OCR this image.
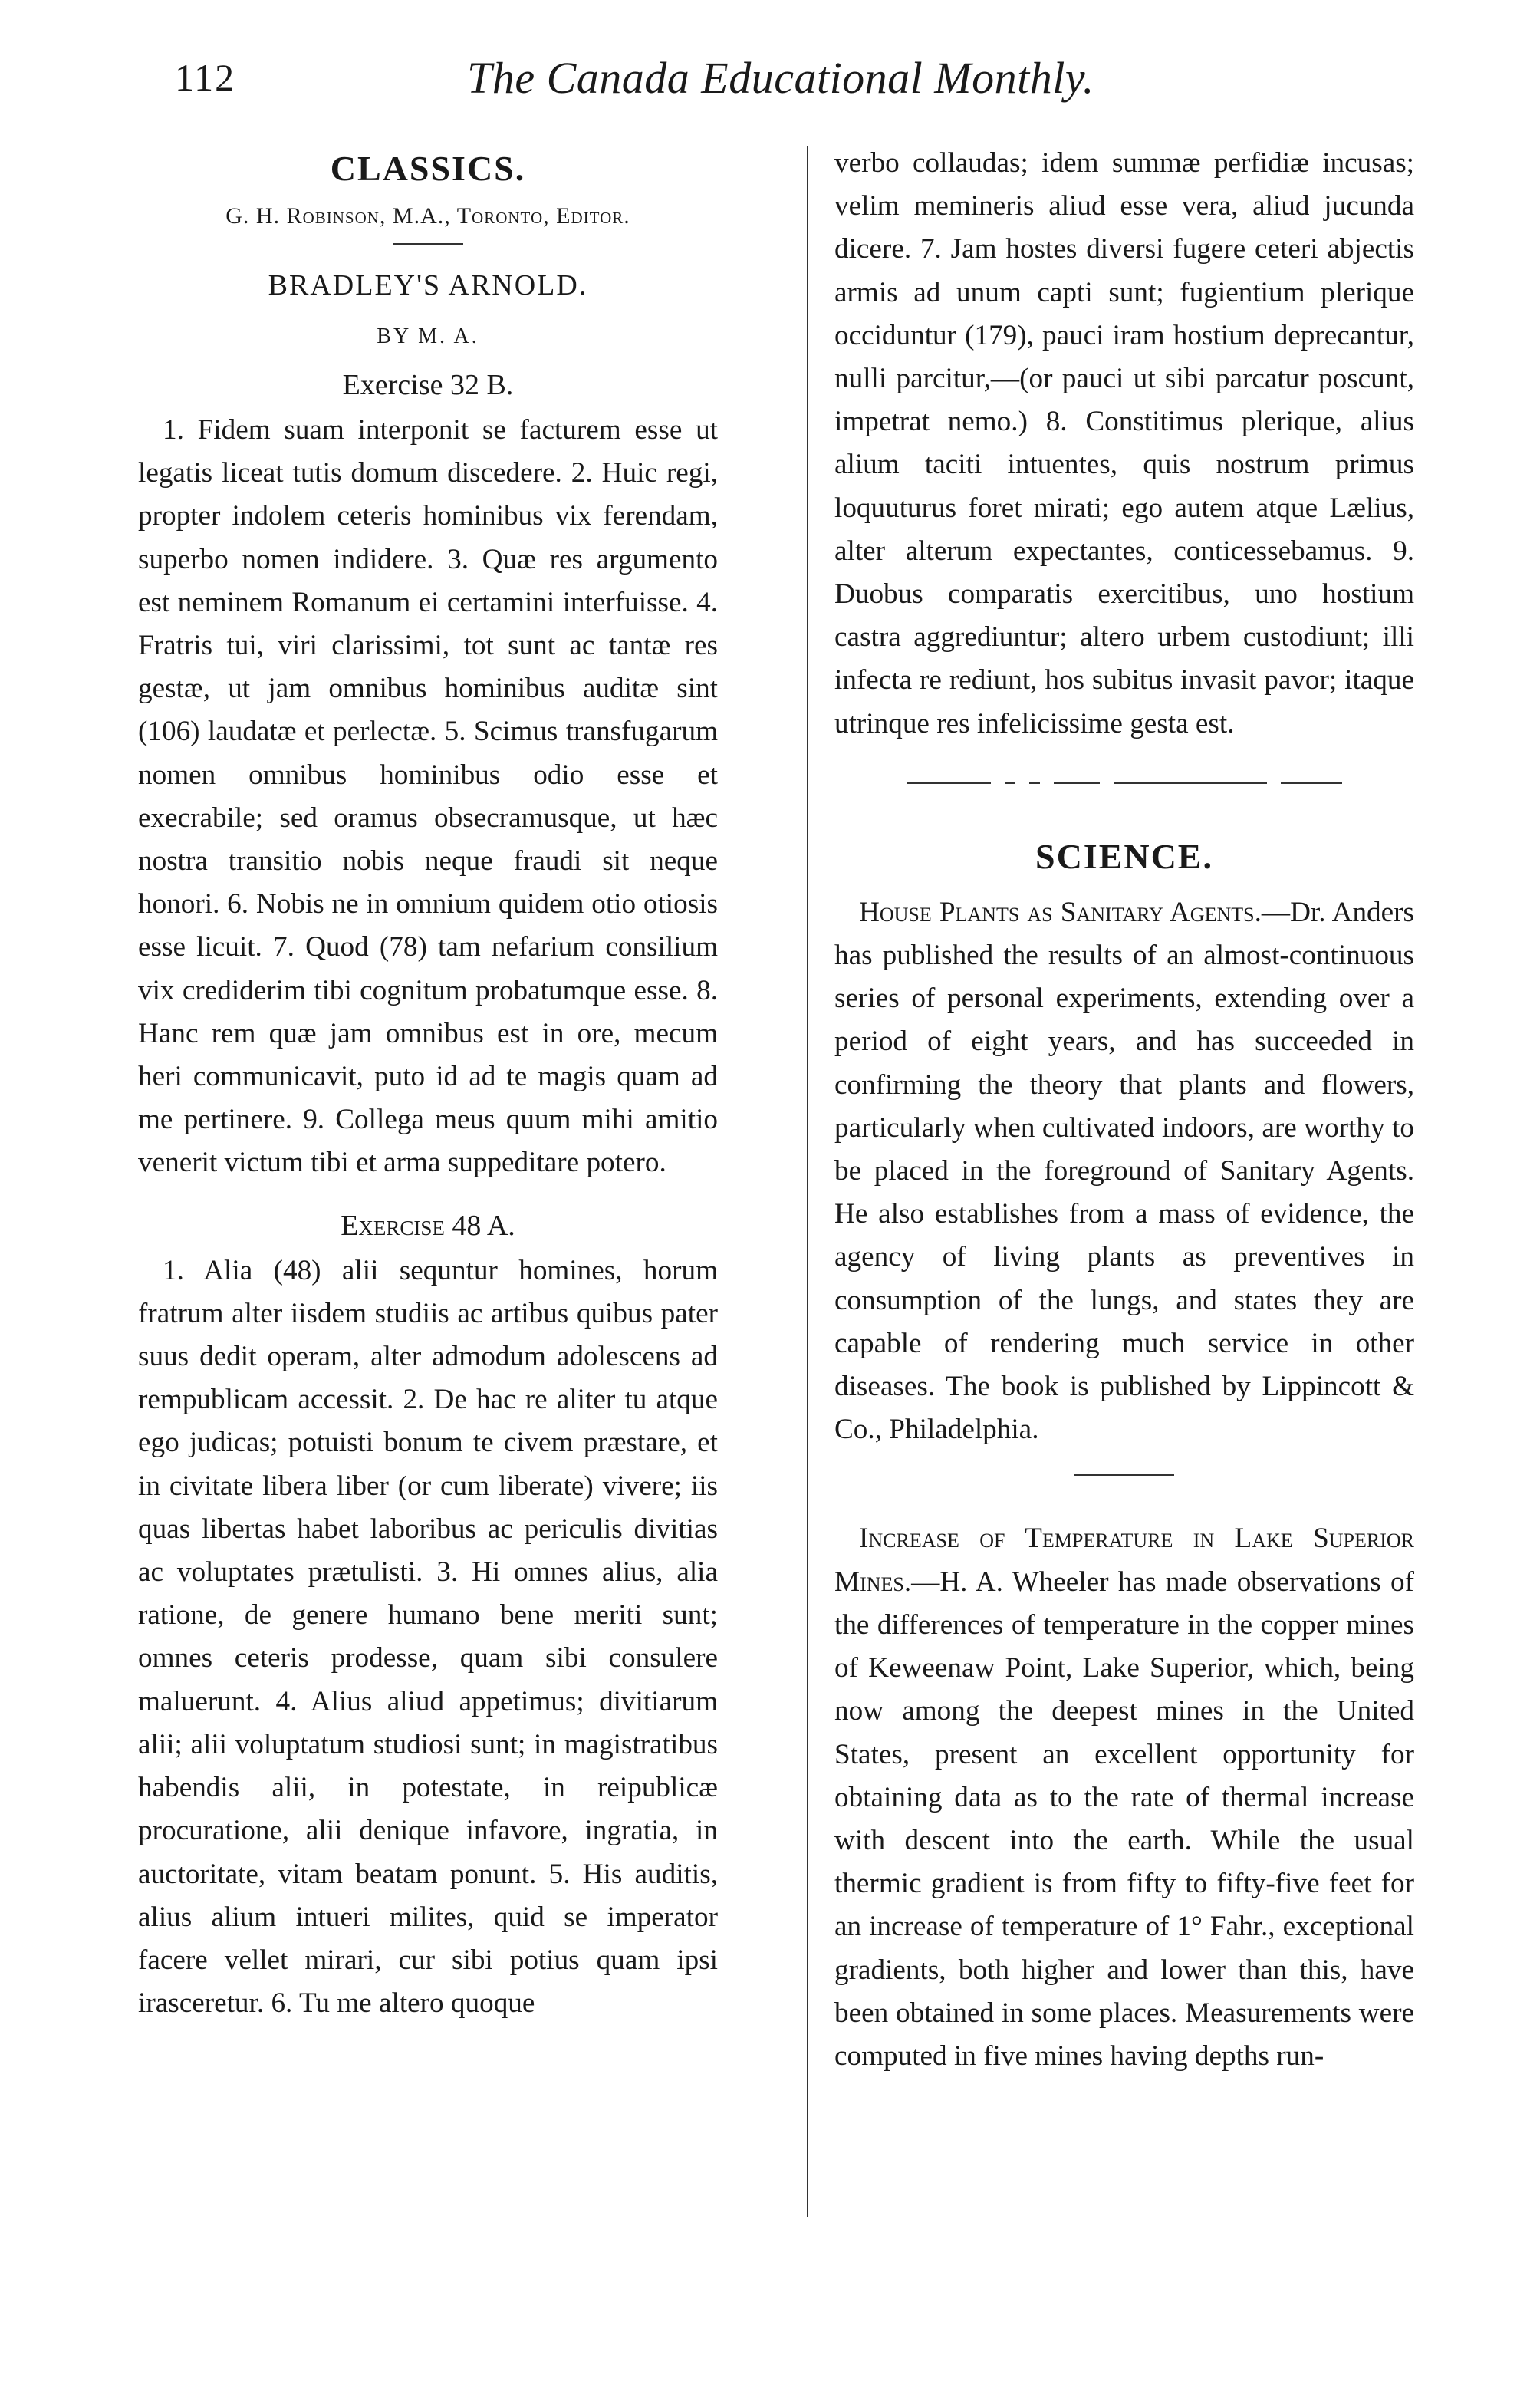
112	The Canada Educational Monthly.
CLASSICS.

G. H. Robinson, M.A., Toronto, Editor.

BRADLEY'S ARNOLD.

BY M. A.

Exercise 32 B.

1. Fidem suam interponit se facturem esse ut legatis liceat tutis domum discedere. 2. Huic regi, propter indolem ceteris hominibus vix ferendam, superbo nomen indidere. 3. Quæ res argumento est neminem Romanum ei certamini interfuisse. 4. Fratris tui, viri clarissimi, tot sunt ac tantæ res gestæ, ut jam omnibus hominibus auditæ sint (106) laudatæ et perlectæ. 5. Scimus transfugarum nomen omnibus hominibus odio esse et execrabile; sed oramus obsecramusque, ut hæc nostra transitio nobis neque fraudi sit neque honori. 6. Nobis ne in omnium quidem otio otiosis esse licuit. 7. Quod (78) tam nefarium consilium vix crediderim tibi cognitum probatumque esse. 8. Hanc rem quæ jam omnibus est in ore, mecum heri communicavit, puto id ad te magis quam ad me pertinere. 9. Collega meus quum mihi amitio venerit victum tibi et arma suppeditare potero.

Exercise 48 A.

1. Alia (48) alii sequntur homines, horum fratrum alter iisdem studiis ac artibus quibus pater suus dedit operam, alter admodum adolescens ad rempublicam accessit. 2. De hac re aliter tu atque ego judicas; potuisti bonum te civem præstare, et in civitate libera liber (or cum liberate) vivere; iis quas libertas habet laboribus ac periculis divitias ac voluptates prætulisti. 3. Hi omnes alius, alia ratione, de genere humano bene meriti sunt; omnes ceteris prodesse, quam sibi consulere maluerunt. 4. Alius aliud appetimus; divitiarum alii; alii voluptatum studiosi sunt; in magistratibus habendis alii, in potestate, in reipublicæ procuratione, alii denique infavore, ingratia, in auctoritate, vitam beatam ponunt. 5. His auditis, alius alium intueri milites, quid se imperator facere vellet mirari, cur sibi potius quam ipsi irasceretur. 6. Tu me altero quoque

verbo collaudas; idem summæ perfidiæ incusas; velim memineris aliud esse vera, aliud jucunda dicere. 7. Jam hostes diversi fugere ceteri abjectis armis ad unum capti sunt; fugientium plerique occiduntur (179), pauci iram hostium deprecantur, nulli parcitur,—(or pauci ut sibi parcatur poscunt, impetrat nemo.) 8. Constitimus plerique, alius alium taciti intuentes, quis nostrum primus loquuturus foret mirati; ego autem atque Lælius, alter alterum expectantes, conticessebamus. 9. Duobus comparatis exercitibus, uno hostium castra aggrediuntur; altero urbem custodiunt; illi infecta re rediunt, hos subitus invasit pavor; itaque utrinque res infelicissime gesta est.

SCIENCE.

House Plants as Sanitary Agents.—Dr. Anders has published the results of an almost-continuous series of personal experiments, extending over a period of eight years, and has succeeded in confirming the theory that plants and flowers, particularly when cultivated indoors, are worthy to be placed in the foreground of Sanitary Agents. He also establishes from a mass of evidence, the agency of living plants as preventives in consumption of the lungs, and states they are capable of rendering much service in other diseases. The book is published by Lippincott & Co., Philadelphia.

Increase of Temperature in Lake Superior Mines.—H. A. Wheeler has made observations of the differences of temperature in the copper mines of Keweenaw Point, Lake Superior, which, being now among the deepest mines in the United States, present an excellent opportunity for obtaining data as to the rate of thermal increase with descent into the earth. While the usual thermic gradient is from fifty to fifty-five feet for an increase of temperature of 1° Fahr., exceptional gradients, both higher and lower than this, have been obtained in some places. Measurements were computed in five mines having depths run-
